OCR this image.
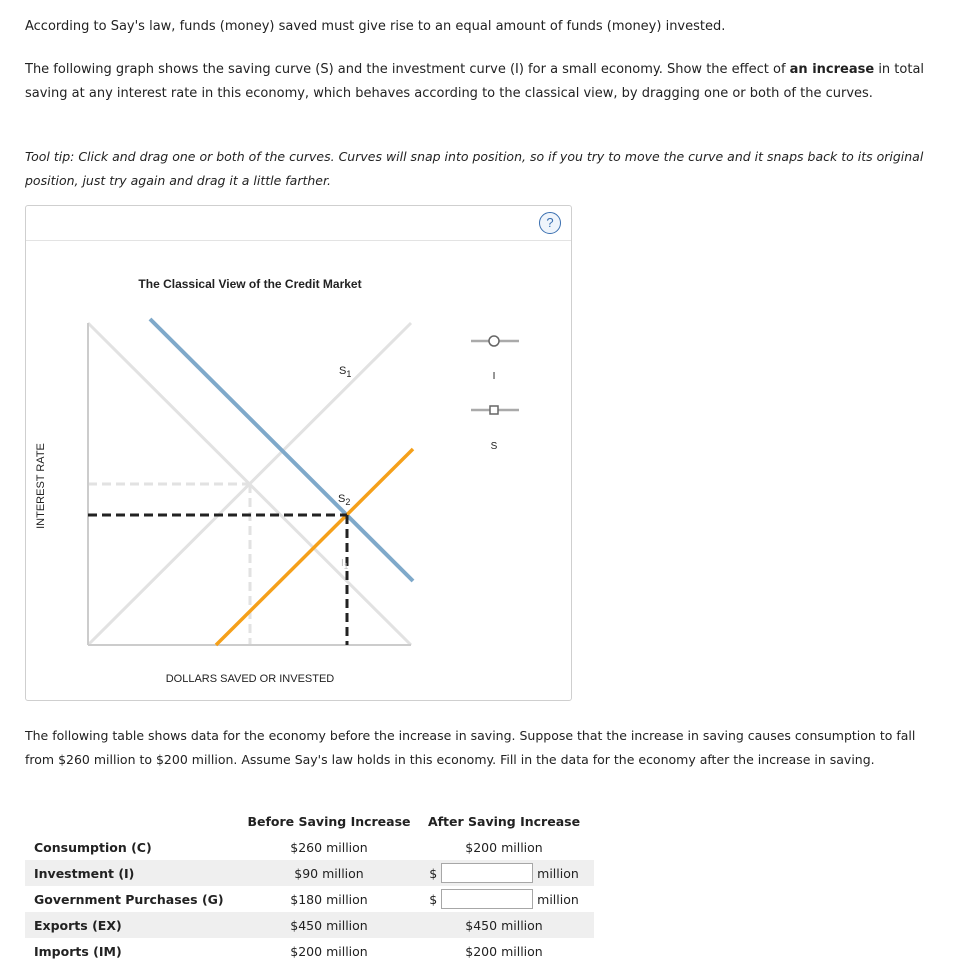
According to Say's law, funds (money) saved must give rise to an equal amount of funds (money) invested.
The following graph shows the saving curve (S) and the investment curve (I) for a small economy. Show the effect of an increase in total saving at any interest rate in this economy, which behaves according to the classical view, by dragging one or both of the curves.
Tool tip: Click and drag one or both of the curves. Curves will snap into position, so if you try to move the curve and it snaps back to its original position, just try again and drag it a little farther.
?
The Classical View of the Credit Market
INTEREST RATE
DOLLARS SAVED OR INVESTED
$S_1$
$S_2$
$I_1$
I
S
The following table shows data for the economy before the increase in saving. Suppose that the increase in saving causes consumption to fall from $260 million to $200 million. Assume Say's law holds in this economy. Fill in the data for the economy after the increase in saving.
	Before Saving Increase	After Saving Increase
Consumption (C)	$260 million	$200 million
Investment (I)	$90 million	$ million

Government Purchases (G)	$180 million	$ million

Exports (EX)	$450 million	$450 million
Imports (IM)	$200 million	$200 million
